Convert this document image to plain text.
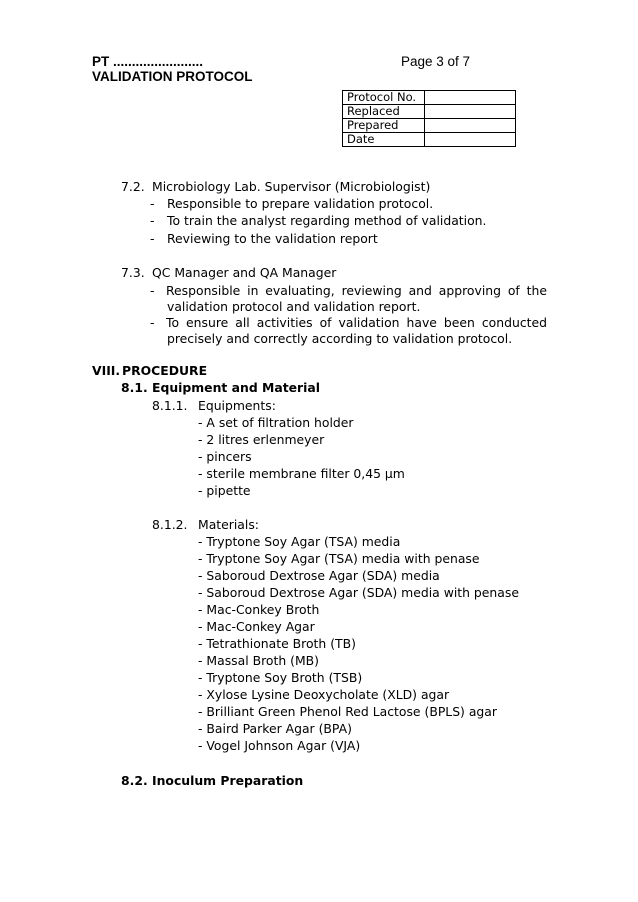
PT ........................
VALIDATION PROTOCOL
Page 3 of 7
Protocol No.	
Replaced	
Prepared	
Date	
7.2. Microbiology Lab. Supervisor (Microbiologist)
- Responsible to prepare validation protocol.
- To train the analyst regarding method of validation.
- Reviewing to the validation report
7.3. QC Manager and QA Manager
- Responsible in evaluating, reviewing and approving of the
validation protocol and validation report.
- To ensure all activities of validation have been conducted
precisely and correctly according to validation protocol.
VIII. PROCEDURE
8.1. Equipment and Material
8.1.1. Equipments:
- A set of filtration holder
- 2 litres erlenmeyer
- pincers
- sterile membrane filter 0,45 µm
- pipette
8.1.2. Materials:
- Tryptone Soy Agar (TSA) media
- Tryptone Soy Agar (TSA) media with penase
- Saboroud Dextrose Agar (SDA) media
- Saboroud Dextrose Agar (SDA) media with penase
- Mac-Conkey Broth
- Mac-Conkey Agar
- Tetrathionate Broth (TB)
- Massal Broth (MB)
- Tryptone Soy Broth (TSB)
- Xylose Lysine Deoxycholate (XLD) agar
- Brilliant Green Phenol Red Lactose (BPLS) agar
- Baird Parker Agar (BPA)
- Vogel Johnson Agar (VJA)
8.2. Inoculum Preparation
